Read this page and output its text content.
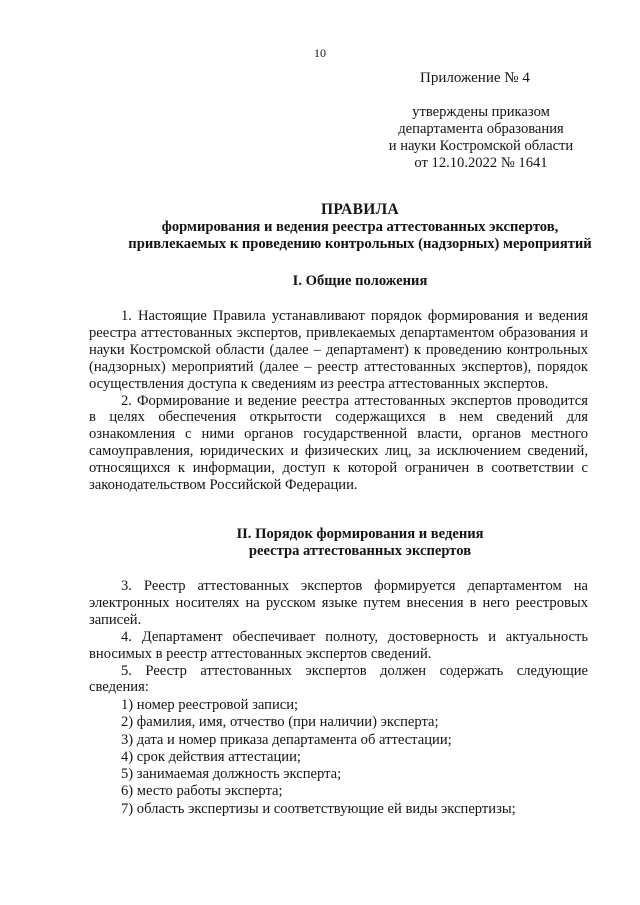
10
Приложение № 4
утверждены приказом
департамента образования
и науки Костромской области
от 12.10.2022 № 1641
ПРАВИЛА
формирования и ведения реестра аттестованных экспертов,
привлекаемых к проведению контрольных (надзорных) мероприятий
I. Общие положения

1. Настоящие Правила устанавливают порядок формирования и ведения реестра аттестованных экспертов, привлекаемых департаментом образования и науки Костромской области (далее – департамент) к проведению контрольных (надзорных) мероприятий (далее – реестр аттестованных экспертов), порядок осуществления доступа к сведениям из реестра аттестованных экспертов.

2. Формирование и ведение реестра аттестованных экспертов проводится в целях обеспечения открытости содержащихся в нем сведений для ознакомления с ними органов государственной власти, органов местного самоуправления, юридических и физических лиц, за исключением сведений, относящихся к информации, доступ к которой ограничен в соответствии с законодательством Российской Федерации.

II. Порядок формирования и ведения
реестра аттестованных экспертов

3. Реестр аттестованных экспертов формируется департаментом на электронных носителях на русском языке путем внесения в него реестровых записей.

4. Департамент обеспечивает полноту, достоверность и актуальность вносимых в реестр аттестованных экспертов сведений.

5. Реестр аттестованных экспертов должен содержать следующие сведения:

1) номер реестровой записи;
2) фамилия, имя, отчество (при наличии) эксперта;
3) дата и номер приказа департамента об аттестации;
4) срок действия аттестации;
5) занимаемая должность эксперта;
6) место работы эксперта;
7) область экспертизы и соответствующие ей виды экспертизы;
